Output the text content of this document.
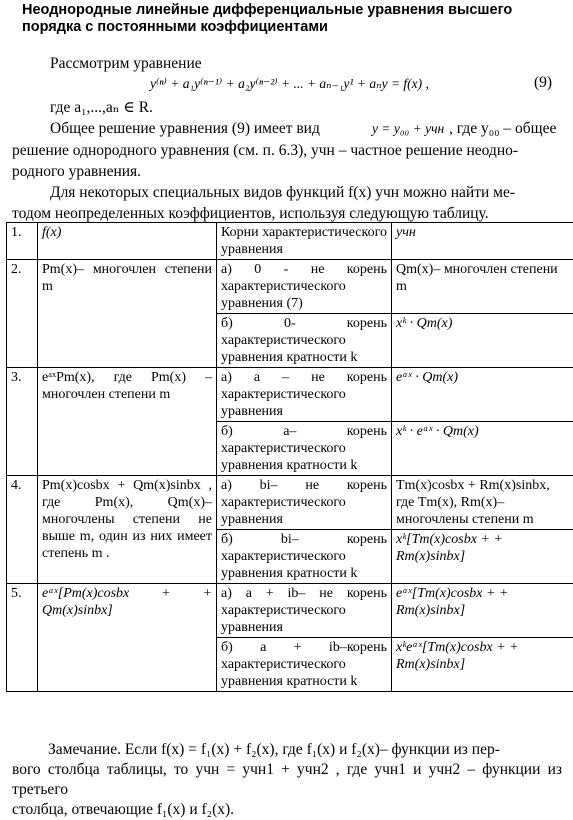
Неоднородные линейные дифференциальные уравнения высшего порядка с постоянными коэффициентами
Рассмотрим уравнение
y⁽ⁿ⁾ + a₁y⁽ⁿ⁻¹⁾ + a₂y⁽ⁿ⁻²⁾ + ... + aₙ₋₁y¹ + aₙy = f(x) ,	(9)
где a₁,...,aₙ ∈ R.
Общее решение уравнения (9) имеет вид	y = y₀₀ + yчн , где y₀₀ – общее
решение однородного уравнения (см. п. 6.3), yчн – частное решение неодно-
родного уравнения.
Для некоторых специальных видов функций f(x) yчн можно найти ме-
тодом неопределенных коэффициентов, используя следующую таблицу.
1.	f(x)	Корни характеристического уравнения	yчн
2.	Pm(x)– многочлен степени m	а) 0 - не корень характеристического уравнения (7)	Qm(x)– многочлен степени m
		б) 0- корень характеристического уравнения кратности k	xᵏ · Qm(x)
3.	eᵃˣPm(x), где Pm(x) – многочлен степени m	а) a – не корень характеристического уравнения	eᵃˣ · Qm(x)
		б) a– корень характеристического уравнения кратности k	xᵏ · eᵃˣ · Qm(x)
4.	Pm(x)cosbx + Qm(x)sinbx , где Pm(x), Qm(x)– многочлены степени не выше m, один из них имеет степень m .	а) bi– не корень характеристического уравнения	Tm(x)cosbx + Rm(x)sinbx, где Tm(x), Rm(x)– многочлены степени m
		б) bi– корень характеристического уравнения кратности k	xᵏ[Tm(x)cosbx + + Rm(x)sinbx]
5.	eᵃˣ[Pm(x)cosbx + + Qm(x)sinbx]	а) a + ib– не корень характеристического уравнения	eᵃˣ[Tm(x)cosbx + + Rm(x)sinbx]
		б) a + ib–корень характеристического уравнения кратности k	xᵏeᵃˣ[Tm(x)cosbx + + Rm(x)sinbx]
Замечание. Если f(x) = f₁(x) + f₂(x), где f₁(x) и f₂(x)– функции из пер-
вого столбца таблицы, то yчн = yчн1 + yчн2 , где yчн1 и yчн2 – функции из третьего
столбца, отвечающие f₁(x) и f₂(x).
